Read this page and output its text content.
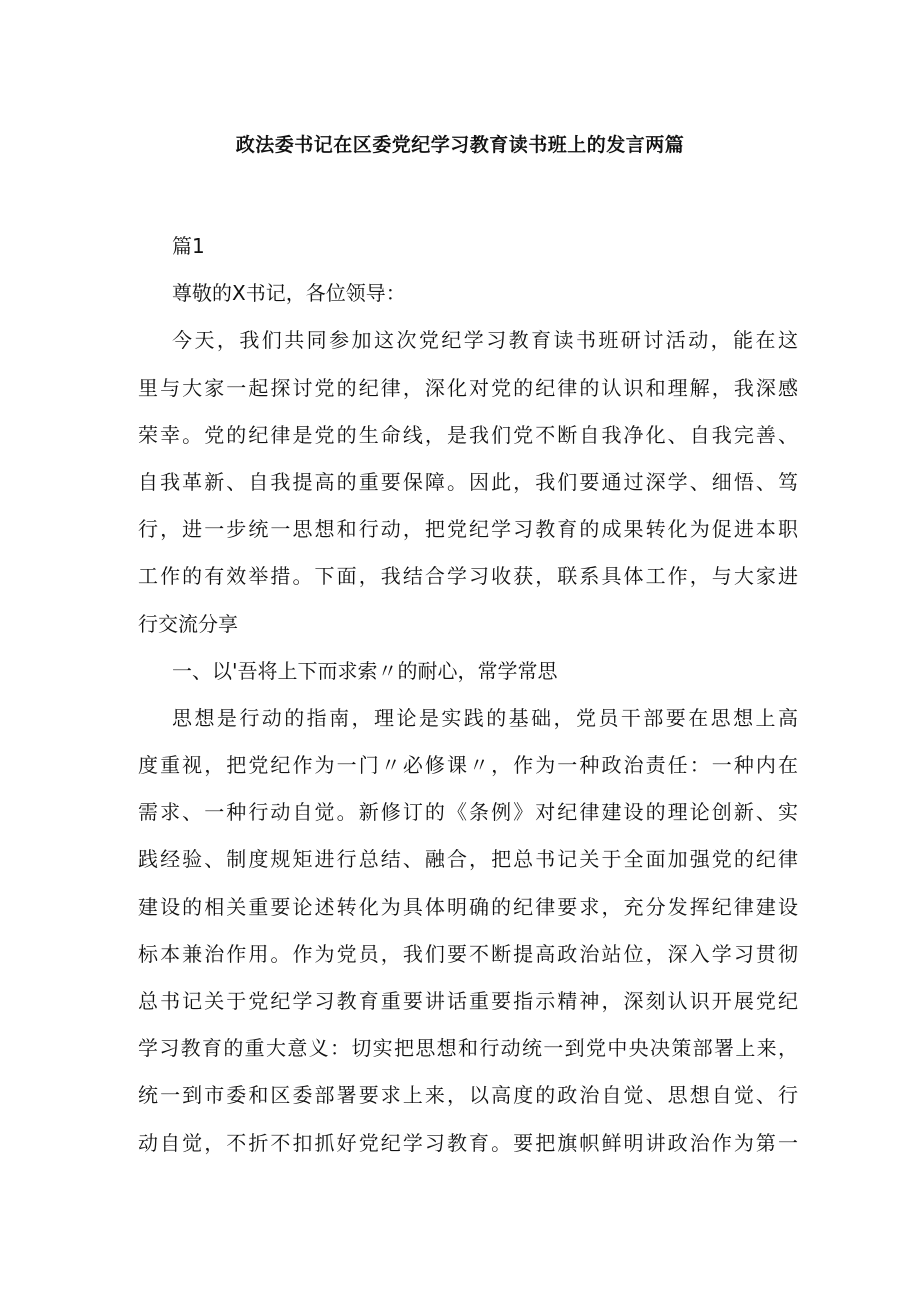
政法委书记在区委党纪学习教育读书班上的发言两篇
篇1
尊敬的X书记，各位领导：
今天，我们共同参加这次党纪学习教育读书班研讨活动，能在这
里与大家一起探讨党的纪律，深化对党的纪律的认识和理解，我深感
荣幸。党的纪律是党的生命线，是我们党不断自我净化、自我完善、
自我革新、自我提高的重要保障。因此，我们要通过深学、细悟、笃
行，进一步统一思想和行动，把党纪学习教育的成果转化为促进本职
工作的有效举措。下面，我结合学习收获，联系具体工作，与大家进
行交流分享
一、以'吾将上下而求索〃的耐心，常学常思
思想是行动的指南，理论是实践的基础，党员干部要在思想上高
度重视，把党纪作为一门〃必修课〃，作为一种政治责任：一种内在
需求、一种行动自觉。新修订的《条例》对纪律建设的理论创新、实
践经验、制度规矩进行总结、融合，把总书记关于全面加强党的纪律
建设的相关重要论述转化为具体明确的纪律要求，充分发挥纪律建设
标本兼治作用。作为党员，我们要不断提高政治站位，深入学习贯彻
总书记关于党纪学习教育重要讲话重要指示精神，深刻认识开展党纪
学习教育的重大意义：切实把思想和行动统一到党中央决策部署上来，
统一到市委和区委部署要求上来，以高度的政治自觉、思想自觉、行
动自觉，不折不扣抓好党纪学习教育。要把旗帜鲜明讲政治作为第一
